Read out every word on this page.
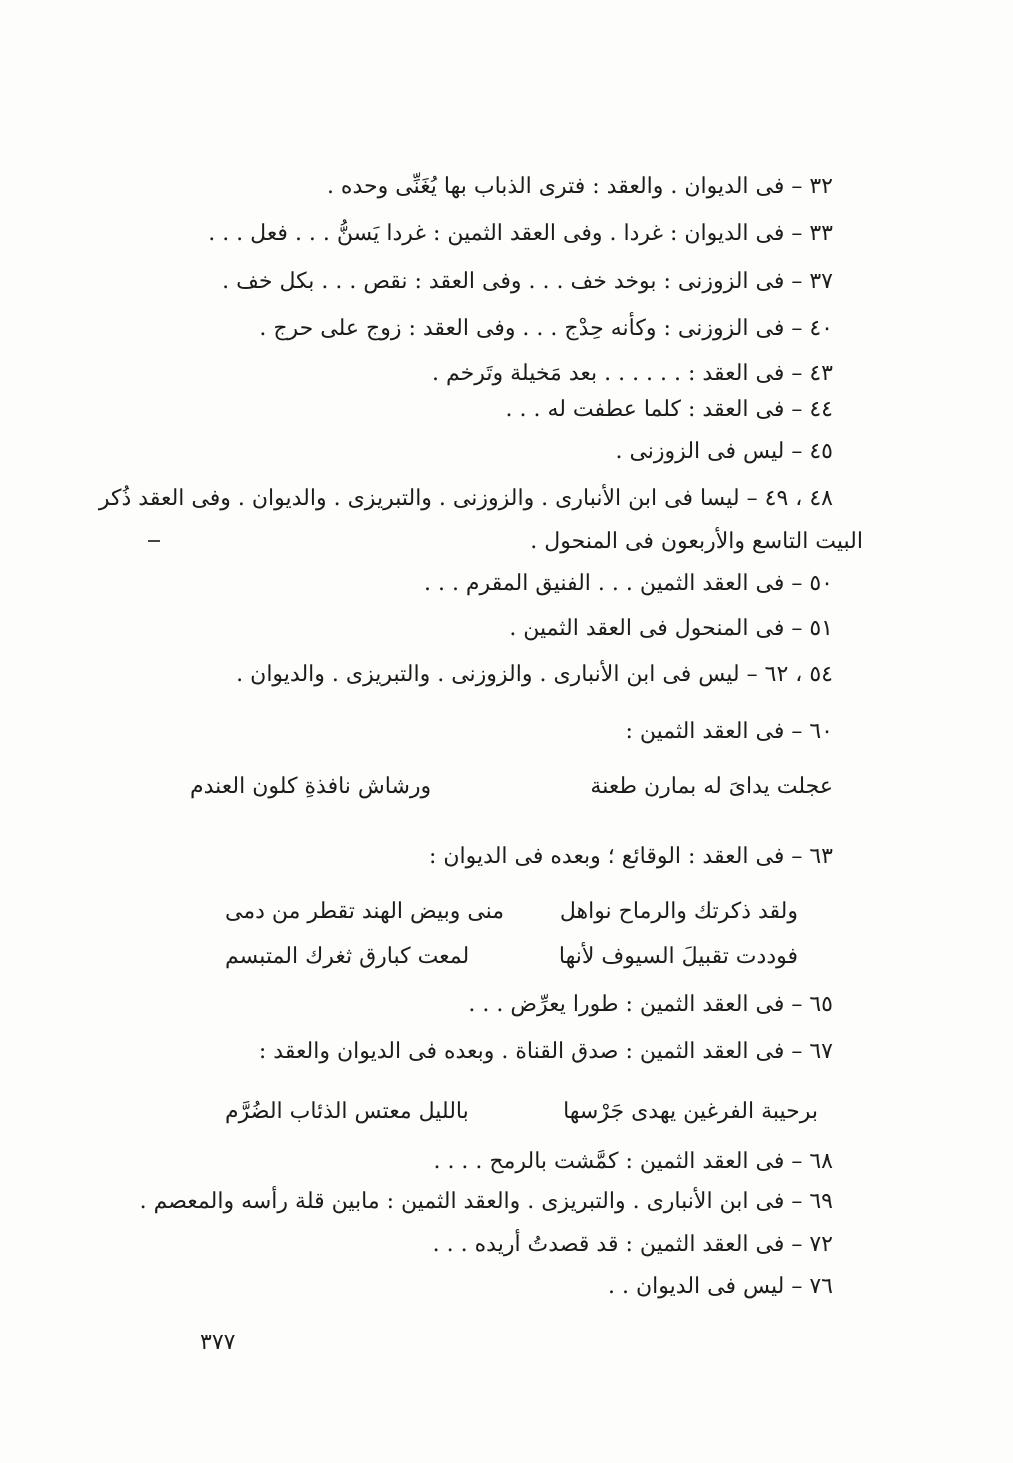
٣٢ – فى الديوان . والعقد : فترى الذباب بها يُغَنِّى وحده .
٣٣ – فى الديوان : غردا . وفى العقد الثمين : غردا يَسنُّ . . . فعل . . .
٣٧ – فى الزوزنى : بوخد خف . . . وفى العقد : نقص . . . بكل خف .
٤٠ – فى الزوزنى : وكأنه حِدْج . . . وفى العقد : زوج على حرج .
٤٣ – فى العقد : . . . . . . بعد مَخيلة وتَرخم .
٤٤ – فى العقد : كلما عطفت له . . .
٤٥ – ليس فى الزوزنى .
٤٨ ، ٤٩ – ليسا فى ابن الأنبارى . والزوزنى . والتبريزى . والديوان . وفى العقد ذُكر
البيت التاسع والأربعون فى المنحول .
٥٠ – فى العقد الثمين . . . الفنيق المقرم . . .
٥١ – فى المنحول فى العقد الثمين .
٥٤ ، ٦٢ – ليس فى ابن الأنبارى . والزوزنى . والتبريزى . والديوان .
٦٠ – فى العقد الثمين :
عجلت يداىَ له بمارن طعنة
ورشاش نافذةِ كلون العندم
٦٣ – فى العقد : الوقائع ؛ وبعده فى الديوان :
ولقد ذكرتك والرماح نواهل
منى وبيض الهند تقطر من دمى
فوددت تقبيلَ السيوف لأنها
لمعت كبارق ثغرك المتبسم
٦٥ – فى العقد الثمين : طورا يعرِّض . . .
٦٧ – فى العقد الثمين : صدق القناة . وبعده فى الديوان والعقد :
برحيبة الفرغين يهدى جَرْسها
بالليل معتس الذئاب الضُرَّم
٦٨ – فى العقد الثمين : كمَّشت بالرمح . . . .
٦٩ – فى ابن الأنبارى . والتبريزى . والعقد الثمين : مابين قلة رأسه والمعصم .
٧٢ – فى العقد الثمين : قد قصدتُ أريده . . .
٧٦ – ليس فى الديوان . .
٣٧٧
